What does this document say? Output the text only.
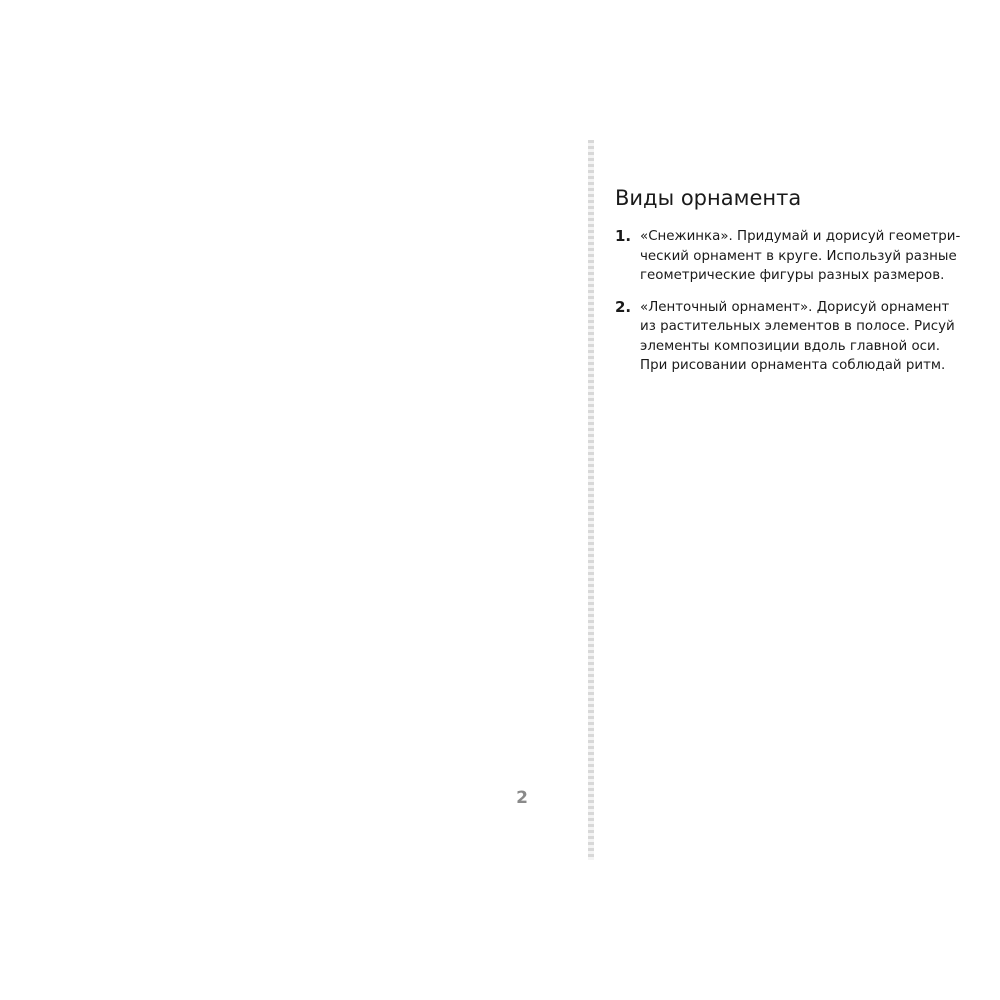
2
Виды орнамента
1. «Снежинка». Придумай и дорисуй геометри-
ческий орнамент в круге. Используй разные
геометрические фигуры разных размеров.
2. «Ленточный орнамент». Дорисуй орнамент
из растительных элементов в полосе. Рисуй
элементы композиции вдоль главной оси.
При рисовании орнамента соблюдай ритм.
